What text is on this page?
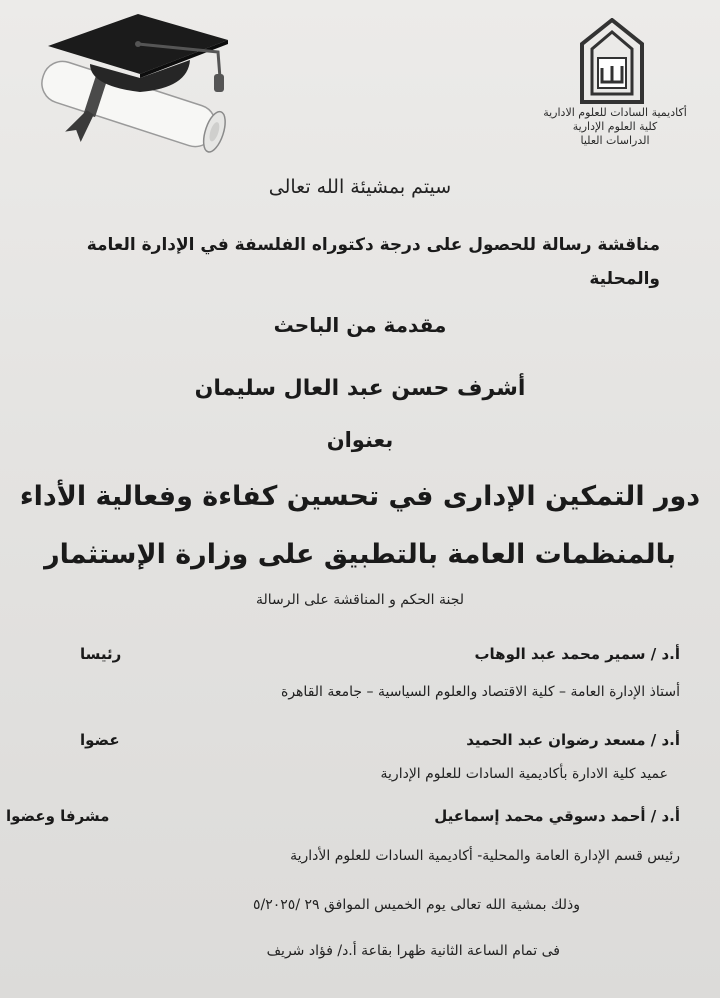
أكاديمية السادات للعلوم الادارية
كلية العلوم الإدارية
الدراسات العليا
سيتم بمشيئة الله تعالى
مناقشة رسالة للحصول على درجة دكتوراه الفلسفة في الإدارة العامة والمحلية
مقدمة من الباحث
أشرف حسن عبد العال سليمان
بعنوان
دور التمكين الإدارى في تحسين كفاءة وفعالية الأداء
بالمنظمات العامة بالتطبيق على وزارة الإستثمار
لجنة الحكم و المناقشة على الرسالة
أ.د / سمير محمد عبد الوهاب
رئيسا
أستاذ الإدارة العامة – كلية الاقتصاد والعلوم السياسية – جامعة القاهرة
أ.د / مسعد رضوان عبد الحميد
عضوا
عميد كلية الادارة بأكاديمية السادات للعلوم الإدارية
أ.د / أحمد دسوقي محمد إسماعيل
مشرفا وعضوا
رئيس قسم الإدارة العامة والمحلية- أكاديمية السادات للعلوم الأدارية
وذلك بمشية الله تعالى يوم الخميس الموافق ٢٩ /٥/٢٠٢٥
فى تمام الساعة الثانية ظهرا بقاعة أ.د/ فؤاد شريف
